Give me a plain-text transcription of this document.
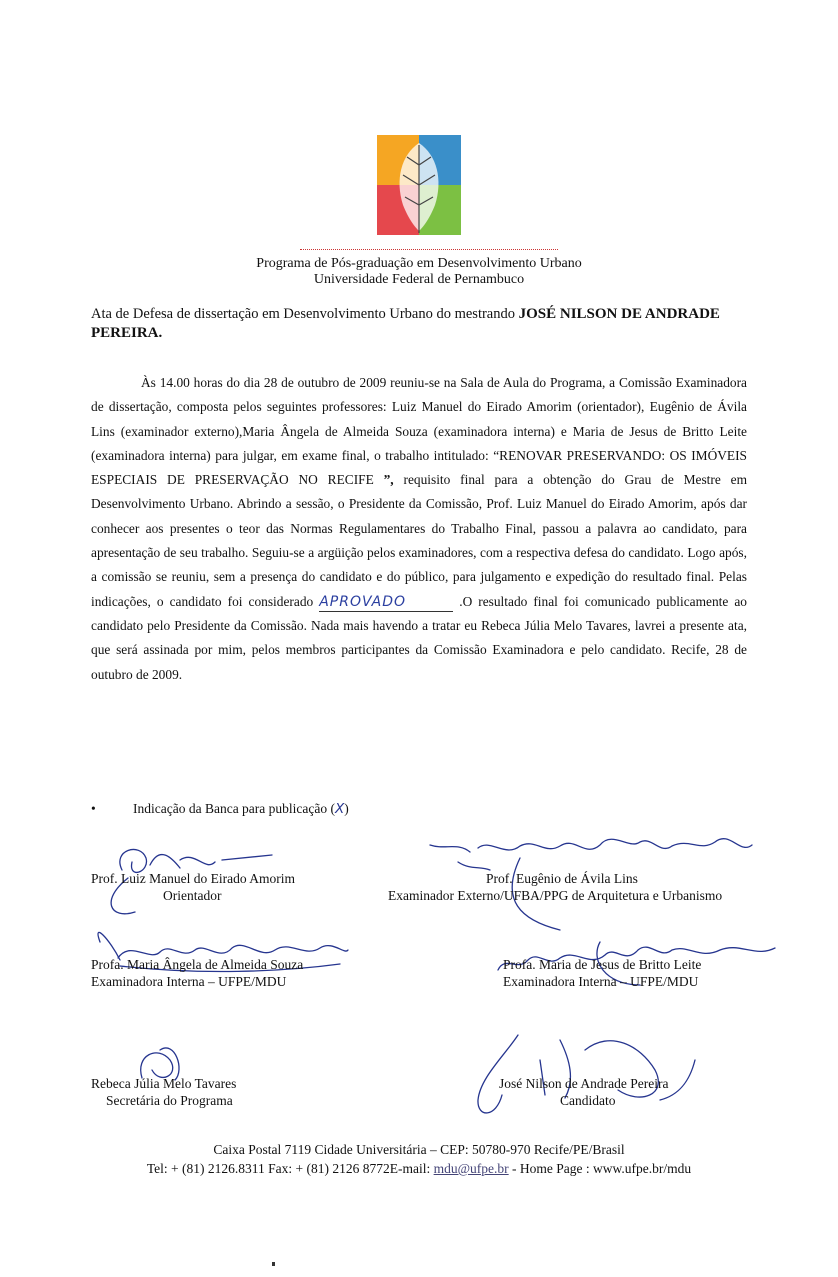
Programa de Pós-graduação em Desenvolvimento Urbano
Universidade Federal de Pernambuco
Ata de Defesa de dissertação em Desenvolvimento Urbano do mestrando JOSÉ NILSON DE ANDRADE PEREIRA.

Às 14.00 horas do dia 28 de outubro de 2009 reuniu-se na Sala de Aula do Programa, a Comissão Examinadora de dissertação, composta pelos seguintes professores: Luiz Manuel do Eirado Amorim (orientador), Eugênio de Ávila Lins (examinador externo),Maria Ângela de Almeida Souza (examinadora interna) e Maria de Jesus de Britto Leite (examinadora interna) para julgar, em exame final, o trabalho intitulado: “RENOVAR PRESERVANDO: OS IMÓVEIS ESPECIAIS DE PRESERVAÇÃO NO RECIFE ”, requisito final para a obtenção do Grau de Mestre em Desenvolvimento Urbano. Abrindo a sessão, o Presidente da Comissão, Prof. Luiz Manuel do Eirado Amorim, após dar conhecer aos presentes o teor das Normas Regulamentares do Trabalho Final, passou a palavra ao candidato, para apresentação de seu trabalho. Seguiu-se a argüição pelos examinadores, com a respectiva defesa do candidato. Logo após, a comissão se reuniu, sem a presença do candidato e do público, para julgamento e expedição do resultado final. Pelas indicações, o candidato foi considerado APROVADO	.O resultado final foi comunicado publicamente ao candidato pelo Presidente da Comissão. Nada mais havendo a tratar eu Rebeca Júlia Melo Tavares, lavrei a presente ata, que será assinada por mim, pelos membros participantes da Comissão Examinadora e pelo candidato. Recife, 28 de outubro de 2009.

•	Indicação da Banca para publicação (X)
Prof. Luiz Manuel do Eirado Amorim
Orientador
Prof. Eugênio de Ávila Lins
Examinador Externo/UFBA/PPG de Arquitetura e Urbanismo
Profa. Maria Ângela de Almeida Souza
Examinadora Interna – UFPE/MDU
Profa. Maria de Jesus de Britto Leite
Examinadora Interna – UFPE/MDU
Rebeca Júlia Melo Tavares
Secretária do Programa
José Nilson de Andrade Pereira
Candidato
Caixa Postal 7119 Cidade Universitária – CEP: 50780-970 Recife/PE/Brasil
Tel: + (81) 2126.8311 Fax: + (81) 2126 8772E-mail: mdu@ufpe.br - Home Page : www.ufpe.br/mdu
